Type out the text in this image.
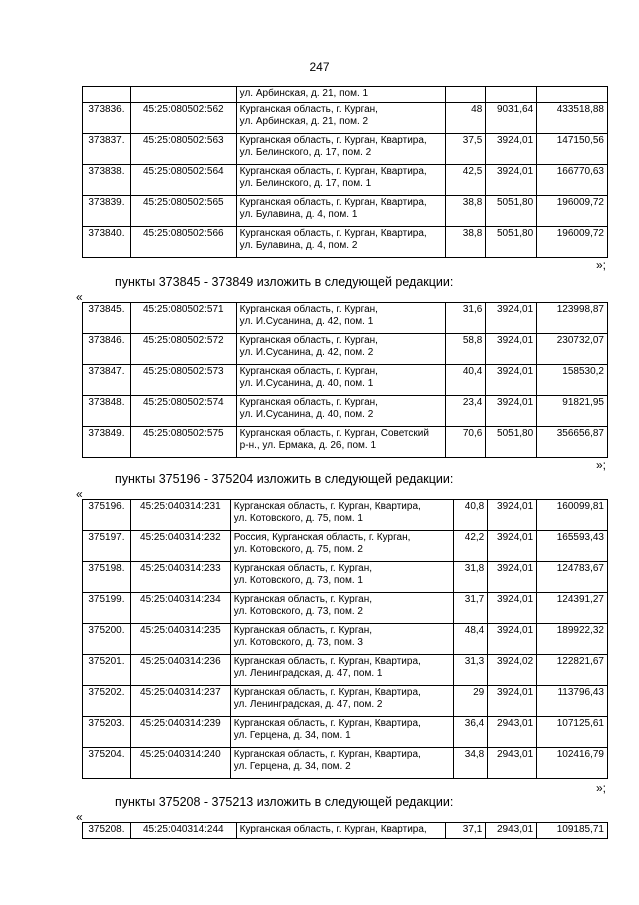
247

		ул. Арбинская, д. 21, пом. 1			

373836.	45:25:080502:562	Курганская область, г. Курган,
ул. Арбинская, д. 21, пом. 2	48	9031,64	433518,88
373837.	45:25:080502:563	Курганская область, г. Курган, Квартира,
ул. Белинского, д. 17, пом. 2	37,5	3924,01	147150,56
373838.	45:25:080502:564	Курганская область, г. Курган, Квартира,
ул. Белинского, д. 17, пом. 1	42,5	3924,01	166770,63
373839.	45:25:080502:565	Курганская область, г. Курган, Квартира,
ул. Булавина, д. 4, пом. 1	38,8	5051,80	196009,72
373840.	45:25:080502:566	Курганская область, г. Курган, Квартира,
ул. Булавина, д. 4, пом. 2	38,8	5051,80	196009,72
»;
пункты 373845 - 373849 изложить в следующей редакции:
«
373845.	45:25:080502:571	Курганская область, г. Курган,
ул. И.Сусанина, д. 42, пом. 1	31,6	3924,01	123998,87
373846.	45:25:080502:572	Курганская область, г. Курган,
ул. И.Сусанина, д. 42, пом. 2	58,8	3924,01	230732,07
373847.	45:25:080502:573	Курганская область, г. Курган,
ул. И.Сусанина, д. 40, пом. 1	40,4	3924,01	158530,2
373848.	45:25:080502:574	Курганская область, г. Курган,
ул. И.Сусанина, д. 40, пом. 2	23,4	3924,01	91821,95
373849.	45:25:080502:575	Курганская область, г. Курган, Советский
р-н., ул. Ермака, д. 26, пом. 1	70,6	5051,80	356656,87
»;
пункты 375196 - 375204 изложить в следующей редакции:
«
375196.	45:25:040314:231	Курганская область, г. Курган, Квартира,
ул. Котовского, д. 75, пом. 1	40,8	3924,01	160099,81
375197.	45:25:040314:232	Россия, Курганская область, г. Курган,
ул. Котовского, д. 75, пом. 2	42,2	3924,01	165593,43
375198.	45:25:040314:233	Курганская область, г. Курган,
ул. Котовского, д. 73, пом. 1	31,8	3924,01	124783,67
375199.	45:25:040314:234	Курганская область, г. Курган,
ул. Котовского, д. 73, пом. 2	31,7	3924,01	124391,27
375200.	45:25:040314:235	Курганская область, г. Курган,
ул. Котовского, д. 73, пом. 3	48,4	3924,01	189922,32
375201.	45:25:040314:236	Курганская область, г. Курган, Квартира,
ул. Ленинградская, д. 47, пом. 1	31,3	3924,02	122821,67
375202.	45:25:040314:237	Курганская область, г. Курган, Квартира,
ул. Ленинградская, д. 47, пом. 2	29	3924,01	113796,43
375203.	45:25:040314:239	Курганская область, г. Курган, Квартира,
ул. Герцена, д. 34, пом. 1	36,4	2943,01	107125,61
375204.	45:25:040314:240	Курганская область, г. Курган, Квартира,
ул. Герцена, д. 34, пом. 2	34,8	2943,01	102416,79
»;
пункты 375208 - 375213 изложить в следующей редакции:
«
375208.	45:25:040314:244	Курганская область, г. Курган, Квартира,	37,1	2943,01	109185,71
